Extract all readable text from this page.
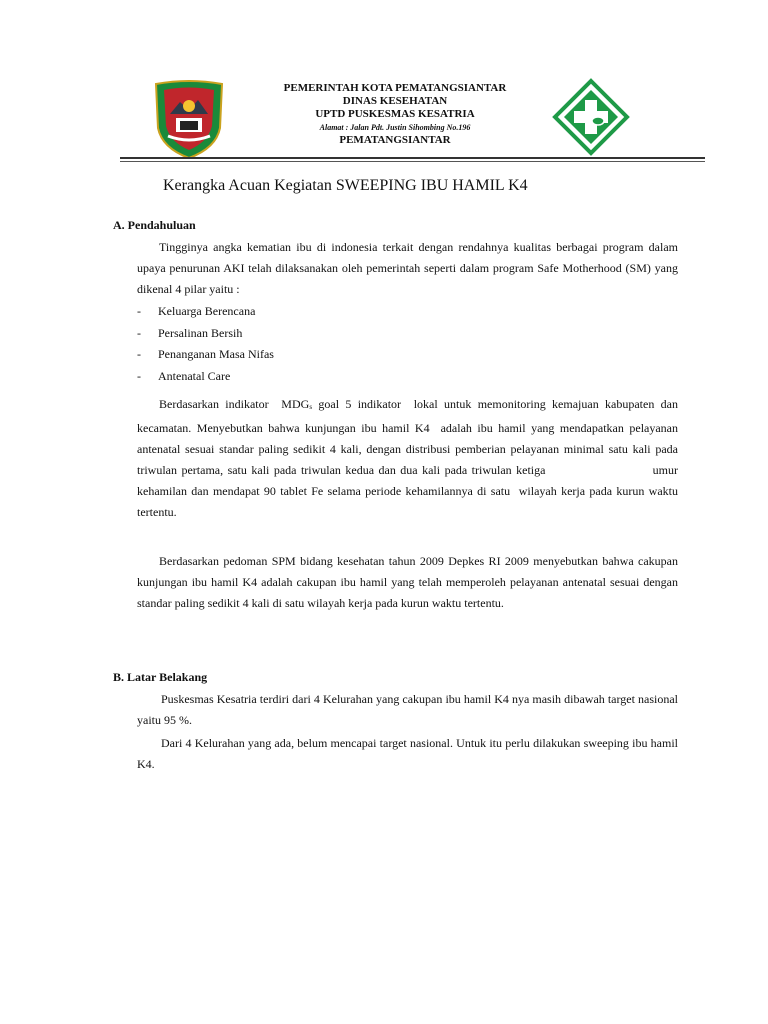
PEMERINTAH KOTA PEMATANGSIANTAR
DINAS KESEHATAN
UPTD PUSKESMAS KESATRIA
Alamat : Jalan Pdt. Justin Sihombing No.196
PEMATANGSIANTAR
Kerangka Acuan Kegiatan SWEEPING IBU HAMIL K4
A. Pendahuluan

Tingginya angka kematian ibu di indonesia terkait dengan rendahnya kualitas berbagai program dalam upaya penurunan AKI telah dilaksanakan oleh pemerintah seperti dalam program Safe Motherhood (SM) yang dikenal 4 pilar yaitu :

- Keluarga Berencana
- Persalinan Bersih
- Penanganan Masa Nifas
- Antenatal Care

Berdasarkan indikator  $MDG_s$ goal 5 indikator  lokal untuk memonitoring kemajuan kabupaten dan kecamatan. Menyebutkan bahwa kunjungan ibu hamil K4  adalah ibu hamil yang mendapatkan pelayanan antenatal sesuai standar paling sedikit 4 kali, dengan distribusi pemberian pelayanan minimal satu kali pada triwulan pertama, satu kali pada triwulan kedua dan dua kali pada triwulan ketiga                        umur kehamilan dan mendapat 90 tablet Fe selama periode kehamilannya di satu  wilayah kerja pada kurun waktu tertentu.

Berdasarkan pedoman SPM bidang kesehatan tahun 2009 Depkes RI 2009 menyebutkan bahwa cakupan kunjungan ibu hamil K4 adalah cakupan ibu hamil yang telah memperoleh pelayanan antenatal sesuai dengan standar paling sedikit 4 kali di satu wilayah kerja pada kurun waktu tertentu.

B. Latar Belakang

Puskesmas Kesatria terdiri dari 4 Kelurahan yang cakupan ibu hamil K4 nya masih dibawah target nasional yaitu 95 %.

Dari 4 Kelurahan yang ada, belum mencapai target nasional. Untuk itu perlu dilakukan sweeping ibu hamil K4.
